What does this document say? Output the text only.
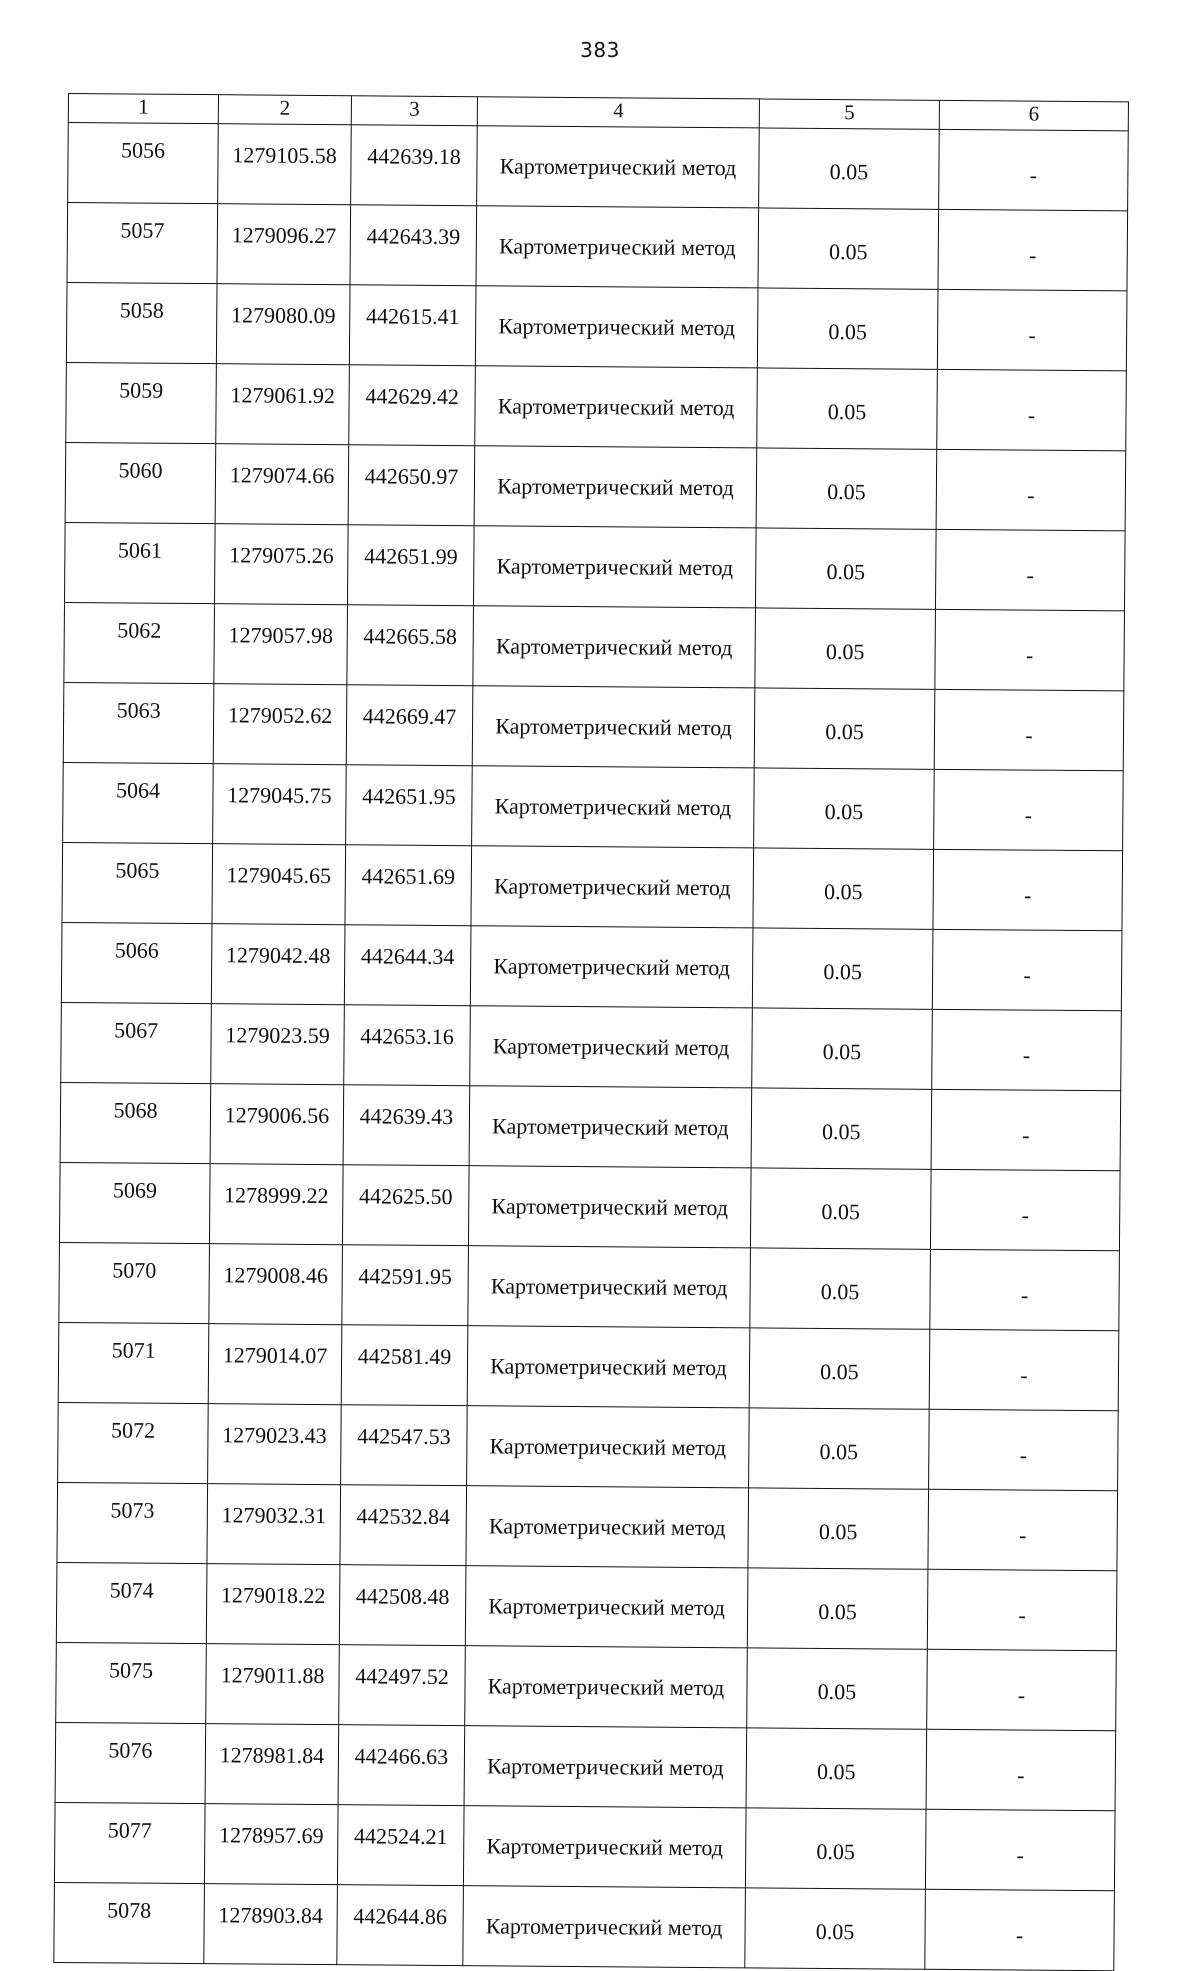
383
1	2	3	4	5	6
5056	1279105.58	442639.18	Картометрический метод	0.05	-
5057	1279096.27	442643.39	Картометрический метод	0.05	-
5058	1279080.09	442615.41	Картометрический метод	0.05	-
5059	1279061.92	442629.42	Картометрический метод	0.05	-
5060	1279074.66	442650.97	Картометрический метод	0.05	-
5061	1279075.26	442651.99	Картометрический метод	0.05	-
5062	1279057.98	442665.58	Картометрический метод	0.05	-
5063	1279052.62	442669.47	Картометрический метод	0.05	-
5064	1279045.75	442651.95	Картометрический метод	0.05	-
5065	1279045.65	442651.69	Картометрический метод	0.05	-
5066	1279042.48	442644.34	Картометрический метод	0.05	-
5067	1279023.59	442653.16	Картометрический метод	0.05	-
5068	1279006.56	442639.43	Картометрический метод	0.05	-
5069	1278999.22	442625.50	Картометрический метод	0.05	-
5070	1279008.46	442591.95	Картометрический метод	0.05	-
5071	1279014.07	442581.49	Картометрический метод	0.05	-
5072	1279023.43	442547.53	Картометрический метод	0.05	-
5073	1279032.31	442532.84	Картометрический метод	0.05	-
5074	1279018.22	442508.48	Картометрический метод	0.05	-
5075	1279011.88	442497.52	Картометрический метод	0.05	-
5076	1278981.84	442466.63	Картометрический метод	0.05	-
5077	1278957.69	442524.21	Картометрический метод	0.05	-
5078	1278903.84	442644.86	Картометрический метод	0.05	-
